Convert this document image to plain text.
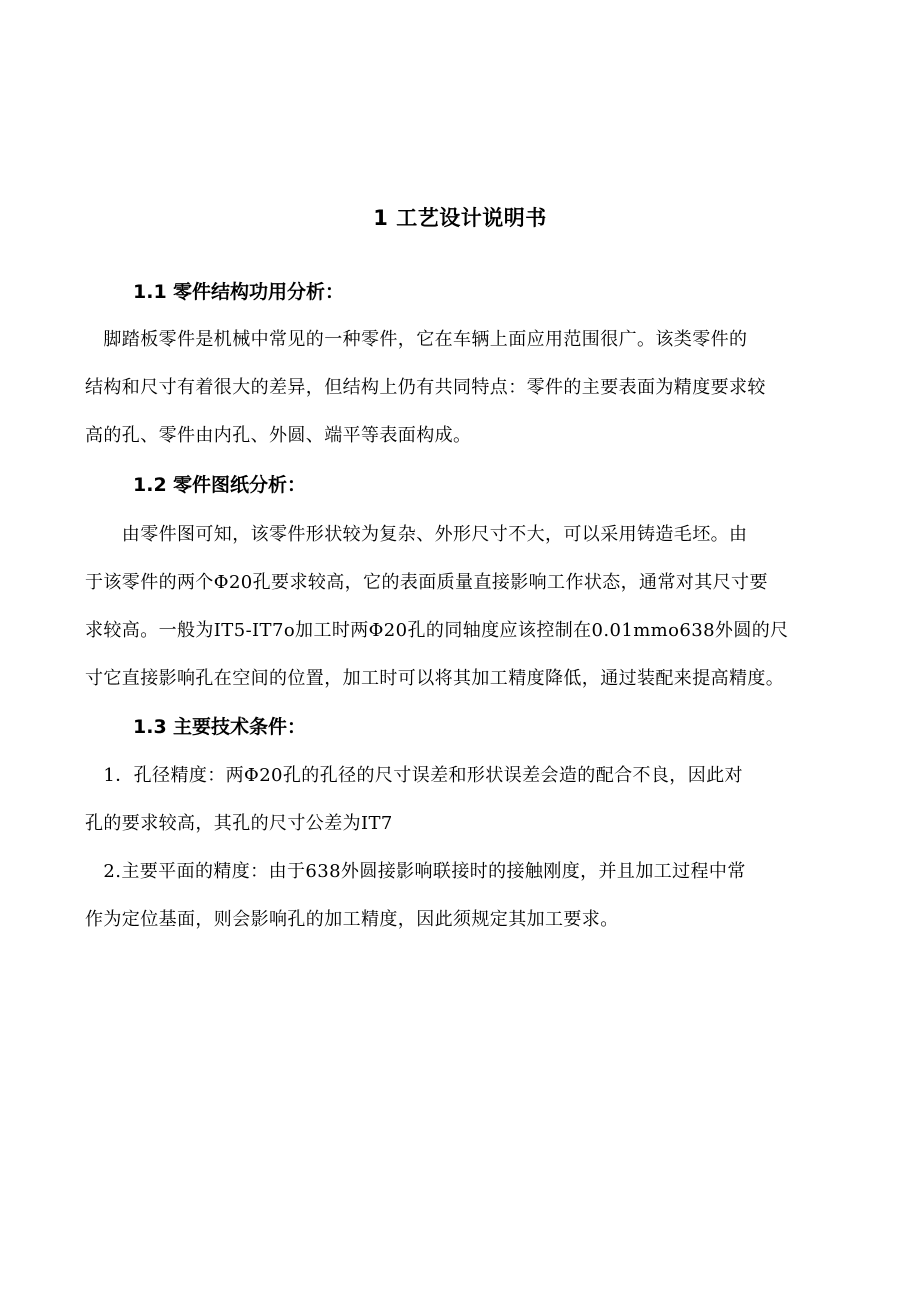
1 工艺设计说明书
1.1 零件结构功用分析：
　脚踏板零件是机械中常见的一种零件，它在车辆上面应用范围很广。该类零件的
结构和尺寸有着很大的差异，但结构上仍有共同特点：零件的主要表面为精度要求较
高的孔、零件由内孔、外圆、端平等表面构成。
1.2 零件图纸分析：
　　由零件图可知，该零件形状较为复杂、外形尺寸不大，可以采用铸造毛坯。由
于该零件的两个Φ20孔要求较高，它的表面质量直接影响工作状态，通常对其尺寸要
求较高。一般为IT5-IT7o加工时两Φ20孔的同轴度应该控制在0.01mmo638外圆的尺
寸它直接影响孔在空间的位置，加工时可以将其加工精度降低，通过装配来提高精度。
1.3 主要技术条件：
　1．孔径精度：两Φ20孔的孔径的尺寸误差和形状误差会造的配合不良，因此对
孔的要求较高，其孔的尺寸公差为IT7
　2.主要平面的精度：由于638外圆接影响联接时的接触刚度，并且加工过程中常
作为定位基面，则会影响孔的加工精度，因此须规定其加工要求。
